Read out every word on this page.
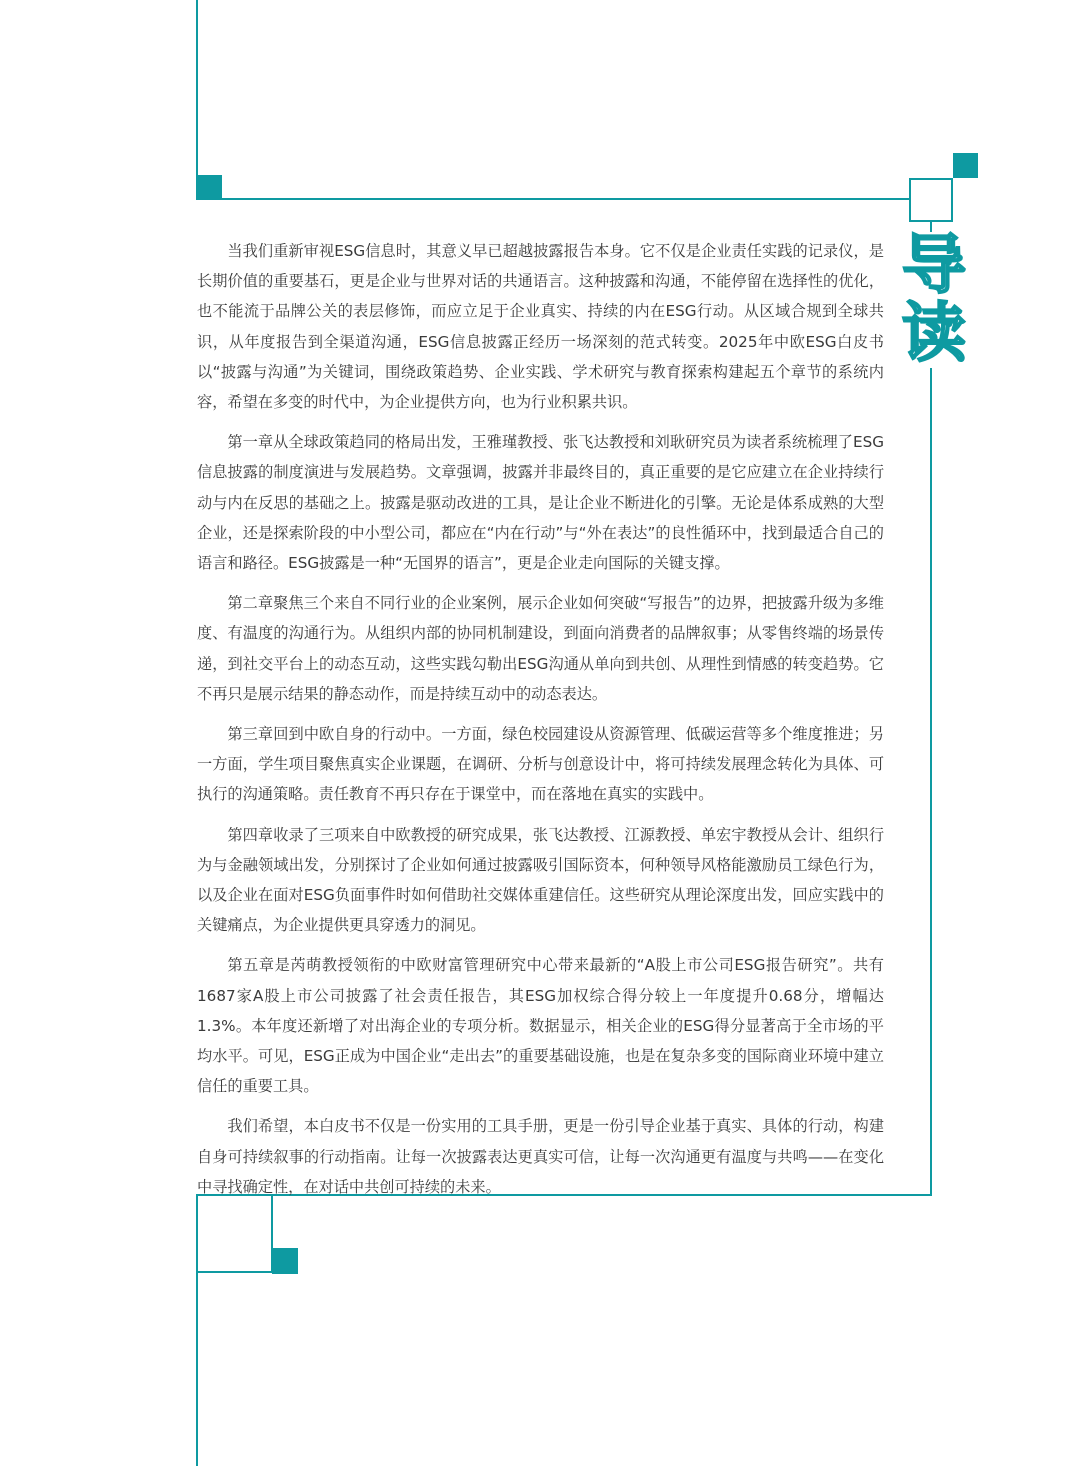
导
读

当我们重新审视ESG信息时，其意义早已超越披露报告本身。它不仅是企业责任实践的记录仪，是长期价值的重要基石，更是企业与世界对话的共通语言。这种披露和沟通，不能停留在选择性的优化，也不能流于品牌公关的表层修饰，而应立足于企业真实、持续的内在ESG行动。从区域合规到全球共识，从年度报告到全渠道沟通，ESG信息披露正经历一场深刻的范式转变。2025年中欧ESG白皮书以“披露与沟通”为关键词，围绕政策趋势、企业实践、学术研究与教育探索构建起五个章节的系统内容，希望在多变的时代中，为企业提供方向，也为行业积累共识。

第一章从全球政策趋同的格局出发，王雅瑾教授、张飞达教授和刘耿研究员为读者系统梳理了ESG信息披露的制度演进与发展趋势。文章强调，披露并非最终目的，真正重要的是它应建立在企业持续行动与内在反思的基础之上。披露是驱动改进的工具，是让企业不断进化的引擎。无论是体系成熟的大型企业，还是探索阶段的中小型公司，都应在“内在行动”与“外在表达”的良性循环中，找到最适合自己的语言和路径。ESG披露是一种“无国界的语言”，更是企业走向国际的关键支撑。

第二章聚焦三个来自不同行业的企业案例，展示企业如何突破“写报告”的边界，把披露升级为多维度、有温度的沟通行为。从组织内部的协同机制建设，到面向消费者的品牌叙事；从零售终端的场景传递，到社交平台上的动态互动，这些实践勾勒出ESG沟通从单向到共创、从理性到情感的转变趋势。它不再只是展示结果的静态动作，而是持续互动中的动态表达。

第三章回到中欧自身的行动中。一方面，绿色校园建设从资源管理、低碳运营等多个维度推进；另一方面，学生项目聚焦真实企业课题，在调研、分析与创意设计中，将可持续发展理念转化为具体、可执行的沟通策略。责任教育不再只存在于课堂中，而在落地在真实的实践中。

第四章收录了三项来自中欧教授的研究成果，张飞达教授、江源教授、单宏宇教授从会计、组织行为与金融领域出发，分别探讨了企业如何通过披露吸引国际资本，何种领导风格能激励员工绿色行为，以及企业在面对ESG负面事件时如何借助社交媒体重建信任。这些研究从理论深度出发，回应实践中的关键痛点，为企业提供更具穿透力的洞见。

第五章是芮萌教授领衔的中欧财富管理研究中心带来最新的“A股上市公司ESG报告研究”。共有1687家A股上市公司披露了社会责任报告，其ESG加权综合得分较上一年度提升0.68分，增幅达1.3%。本年度还新增了对出海企业的专项分析。数据显示，相关企业的ESG得分显著高于全市场的平均水平。可见，ESG正成为中国企业“走出去”的重要基础设施，也是在复杂多变的国际商业环境中建立信任的重要工具。

我们希望，本白皮书不仅是一份实用的工具手册，更是一份引导企业基于真实、具体的行动，构建自身可持续叙事的行动指南。让每一次披露表达更真实可信，让每一次沟通更有温度与共鸣——在变化中寻找确定性，在对话中共创可持续的未来。
